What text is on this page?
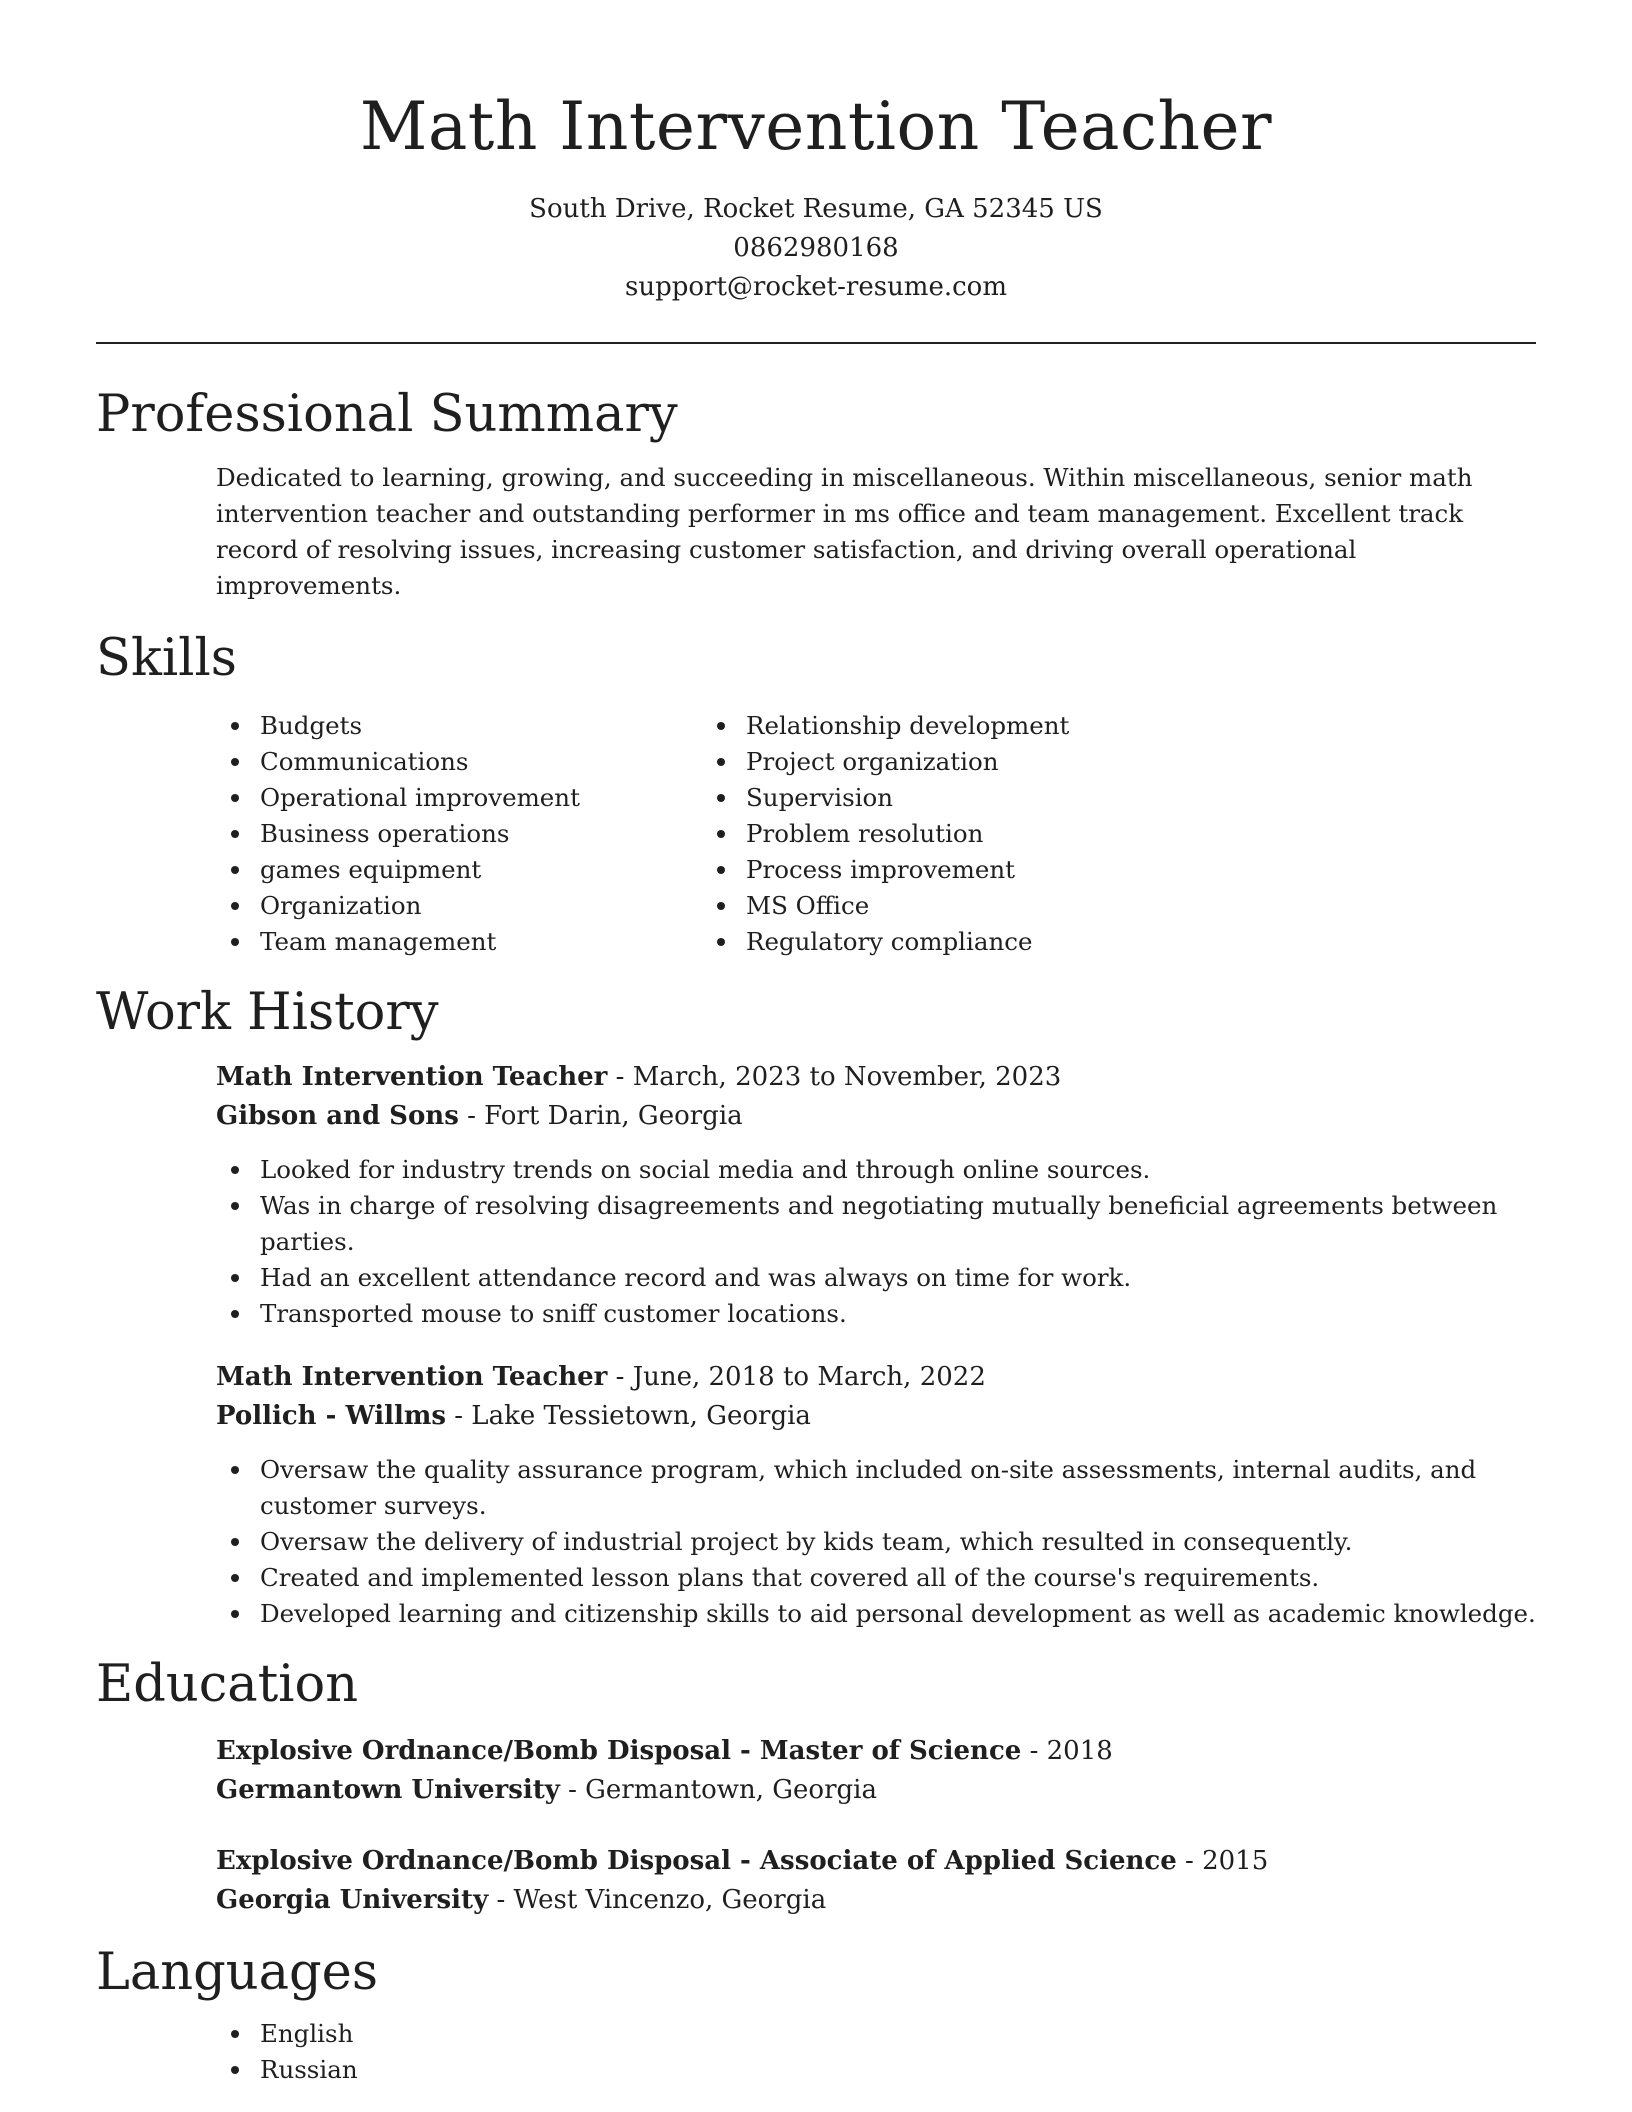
Math Intervention Teacher
South Drive, Rocket Resume, GA 52345 US
0862980168
support@rocket-resume.com
Professional Summary

Dedicated to learning, growing, and succeeding in miscellaneous. Within miscellaneous, senior math intervention teacher and outstanding performer in ms office and team management. Excellent track record of resolving issues, increasing customer satisfaction, and driving overall operational improvements.

Skills
Budgets
Communications
Operational improvement
Business operations
games equipment
Organization
Team management
Relationship development
Project organization
Supervision
Problem resolution
Process improvement
MS Office
Regulatory compliance
Work History
Math Intervention Teacher - March, 2023 to November, 2023
Gibson and Sons - Fort Darin, Georgia
Looked for industry trends on social media and through online sources.
Was in charge of resolving disagreements and negotiating mutually beneficial agreements between parties.
Had an excellent attendance record and was always on time for work.
Transported mouse to sniff customer locations.
Math Intervention Teacher - June, 2018 to March, 2022
Pollich - Willms - Lake Tessietown, Georgia
Oversaw the quality assurance program, which included on-site assessments, internal audits, and customer surveys.
Oversaw the delivery of industrial project by kids team, which resulted in consequently.
Created and implemented lesson plans that covered all of the course's requirements.
Developed learning and citizenship skills to aid personal development as well as academic knowledge.
Education
Explosive Ordnance/Bomb Disposal - Master of Science - 2018
Germantown University - Germantown, Georgia
Explosive Ordnance/Bomb Disposal - Associate of Applied Science - 2015
Georgia University - West Vincenzo, Georgia
Languages
English
Russian
